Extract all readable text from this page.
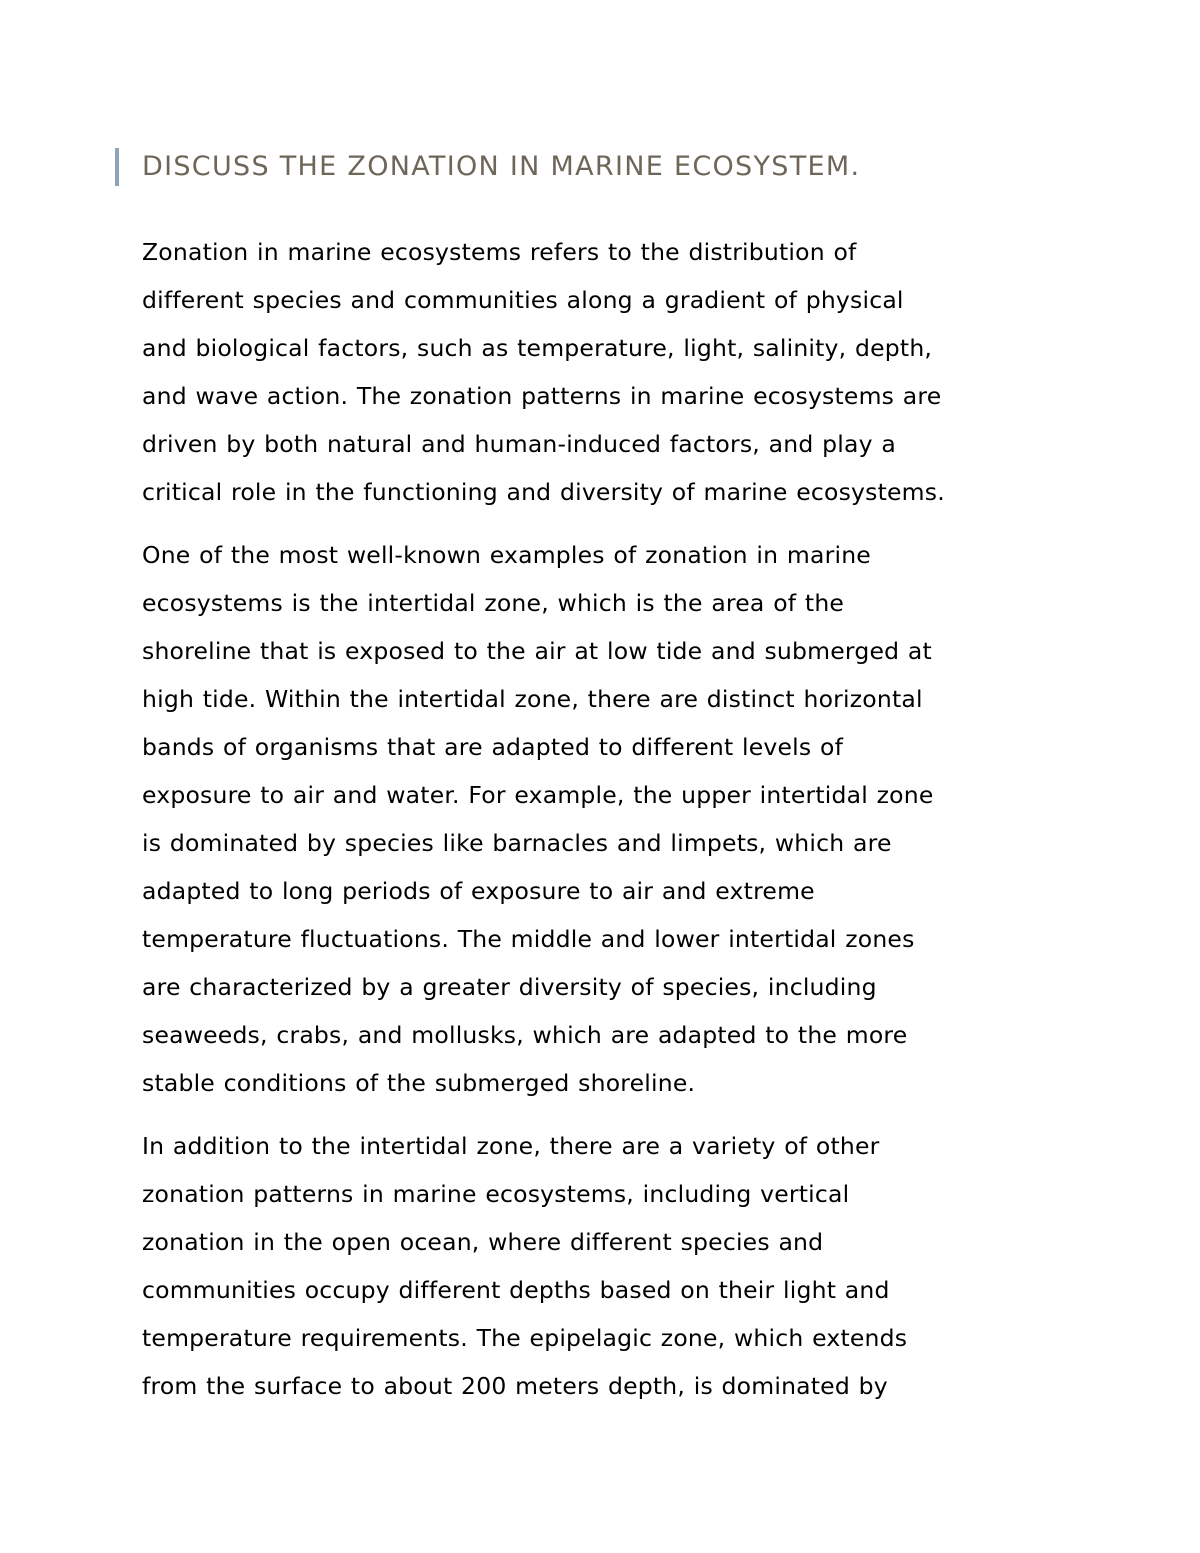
DISCUSS THE ZONATION IN MARINE ECOSYSTEM.

Zonation in marine ecosystems refers to the distribution of
different species and communities along a gradient of physical
and biological factors, such as temperature, light, salinity, depth,
and wave action. The zonation patterns in marine ecosystems are
driven by both natural and human-induced factors, and play a
critical role in the functioning and diversity of marine ecosystems.

One of the most well-known examples of zonation in marine
ecosystems is the intertidal zone, which is the area of the
shoreline that is exposed to the air at low tide and submerged at
high tide. Within the intertidal zone, there are distinct horizontal
bands of organisms that are adapted to different levels of
exposure to air and water. For example, the upper intertidal zone
is dominated by species like barnacles and limpets, which are
adapted to long periods of exposure to air and extreme
temperature fluctuations. The middle and lower intertidal zones
are characterized by a greater diversity of species, including
seaweeds, crabs, and mollusks, which are adapted to the more
stable conditions of the submerged shoreline.

In addition to the intertidal zone, there are a variety of other
zonation patterns in marine ecosystems, including vertical
zonation in the open ocean, where different species and
communities occupy different depths based on their light and
temperature requirements. The epipelagic zone, which extends
from the surface to about 200 meters depth, is dominated by
